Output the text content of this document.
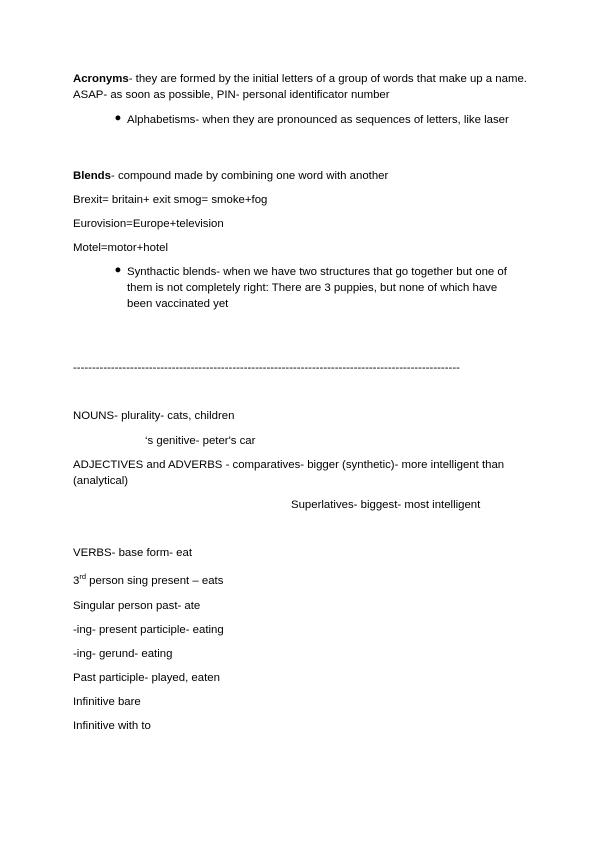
Acronyms- they are formed by the initial letters of a group of words that make up a name. ASAP- as soon as possible, PIN- personal identificator number
● Alphabetisms- when they are pronounced as sequences of letters, like laser
Blends- compound made by combining one word with another
Brexit= britain+ exit smog= smoke+fog
Eurovision=Europe+television
Motel=motor+hotel
● Synthactic blends- when we have two structures that go together but one of them is not completely right: There are 3 puppies, but none of which have been vaccinated yet
------------------------------------------------------------------------------------------------------
NOUNS- plurality- cats, children
‘s genitive- peter's car
ADJECTIVES and ADVERBS - comparatives- bigger (synthetic)- more intelligent than (analytical)
Superlatives- biggest- most intelligent
VERBS- base form- eat
3rd person sing present – eats
Singular person past- ate
-ing- present participle- eating
-ing- gerund- eating
Past participle- played, eaten
Infinitive bare
Infinitive with to
